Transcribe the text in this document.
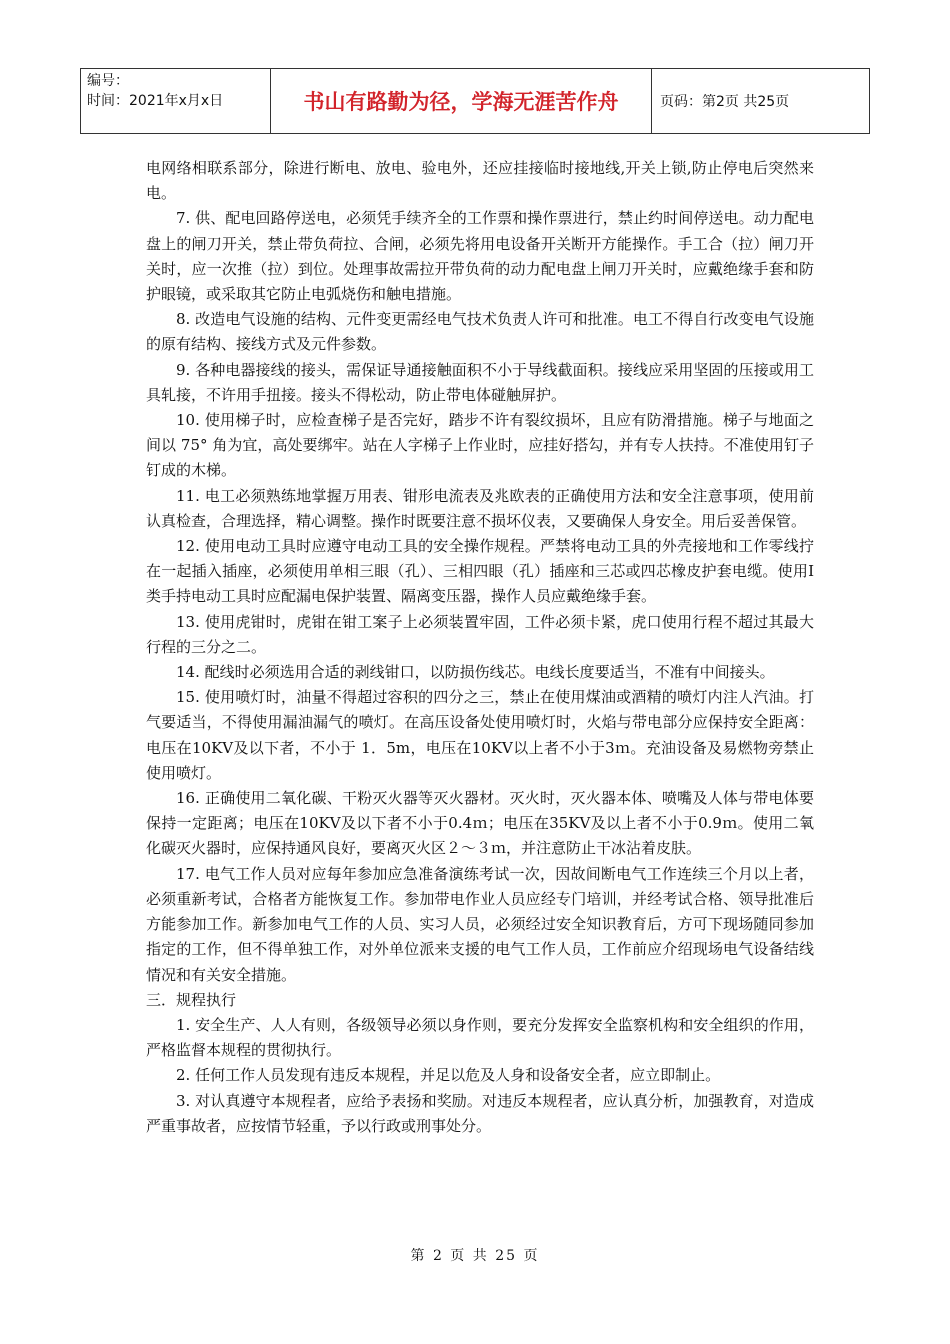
编号：
时间：2021年x月x日	书山有路勤为径，学海无涯苦作舟	页码：第2页 共25页

电网络相联系部分，除进行断电、放电、验电外，还应挂接临时接地线,开关上锁,防止停电后突然来电。

7. 供、配电回路停送电，必须凭手续齐全的工作票和操作票进行，禁止约时间停送电。动力配电盘上的闸刀开关，禁止带负荷拉、合闸，必须先将用电设备开关断开方能操作。手工合（拉）闸刀开关时，应一次推（拉）到位。处理事故需拉开带负荷的动力配电盘上闸刀开关时，应戴绝缘手套和防护眼镜，或采取其它防止电弧烧伤和触电措施。

8. 改造电气设施的结构、元件变更需经电气技术负责人许可和批准。电工不得自行改变电气设施的原有结构、接线方式及元件参数。

9. 各种电器接线的接头，需保证导通接触面积不小于导线截面积。接线应采用坚固的压接或用工具轧接，不许用手扭接。接头不得松动，防止带电体碰触屏护。

10. 使用梯子时，应检查梯子是否完好，踏步不许有裂纹损坏，且应有防滑措施。梯子与地面之间以 75° 角为宜，高处要绑牢。站在人字梯子上作业时，应挂好搭勾，并有专人扶持。不准使用钉子钉成的木梯。

11. 电工必须熟练地掌握万用表、钳形电流表及兆欧表的正确使用方法和安全注意事项，使用前认真检查，合理选择，精心调整。操作时既要注意不损坏仪表，又要确保人身安全。用后妥善保管。

12. 使用电动工具时应遵守电动工具的安全操作规程。严禁将电动工具的外壳接地和工作零线拧在一起插入插座，必须使用单相三眼（孔）、三相四眼（孔）插座和三芯或四芯橡皮护套电缆。使用Ⅰ类手持电动工具时应配漏电保护装置、隔离变压器，操作人员应戴绝缘手套。

13. 使用虎钳时，虎钳在钳工案子上必须装置牢固，工件必须卡紧，虎口使用行程不超过其最大行程的三分之二。

14. 配线时必须选用合适的剥线钳口，以防损伤线芯。电线长度要适当，不准有中间接头。

15. 使用喷灯时，油量不得超过容积的四分之三，禁止在使用煤油或酒精的喷灯内注人汽油。打气要适当，不得使用漏油漏气的喷灯。在高压设备处使用喷灯时，火焰与带电部分应保持安全距离：电压在10KV及以下者，不小于 1．5m，电压在10KV以上者不小于3ｍ。充油设备及易燃物旁禁止使用喷灯。

16. 正确使用二氧化碳、干粉灭火器等灭火器材。灭火时，灭火器本体、喷嘴及人体与带电体要保持一定距离；电压在10KV及以下者不小于0.4ｍ；电压在35KV及以上者不小于0.9ｍ。使用二氧化碳灭火器时，应保持通风良好，要离灭火区２～３ｍ，并注意防止干冰沾着皮肤。

17. 电气工作人员对应每年参加应急准备演练考试一次，因故间断电气工作连续三个月以上者，必须重新考试，合格者方能恢复工作。参加带电作业人员应经专门培训，并经考试合格、领导批准后方能参加工作。新参加电气工作的人员、实习人员，必须经过安全知识教育后，方可下现场随同参加指定的工作，但不得单独工作，对外单位派来支援的电气工作人员，工作前应介绍现场电气设备结线情况和有关安全措施。

三．规程执行

1. 安全生产、人人有则，各级领导必须以身作则，要充分发挥安全监察机构和安全组织的作用，严格监督本规程的贯彻执行。

2. 任何工作人员发现有违反本规程，并足以危及人身和设备安全者，应立即制止。

3. 对认真遵守本规程者，应给予表扬和奖励。对违反本规程者，应认真分析，加强教育，对造成严重事故者，应按情节轻重，予以行政或刑事处分。

第 2 页 共 25 页
